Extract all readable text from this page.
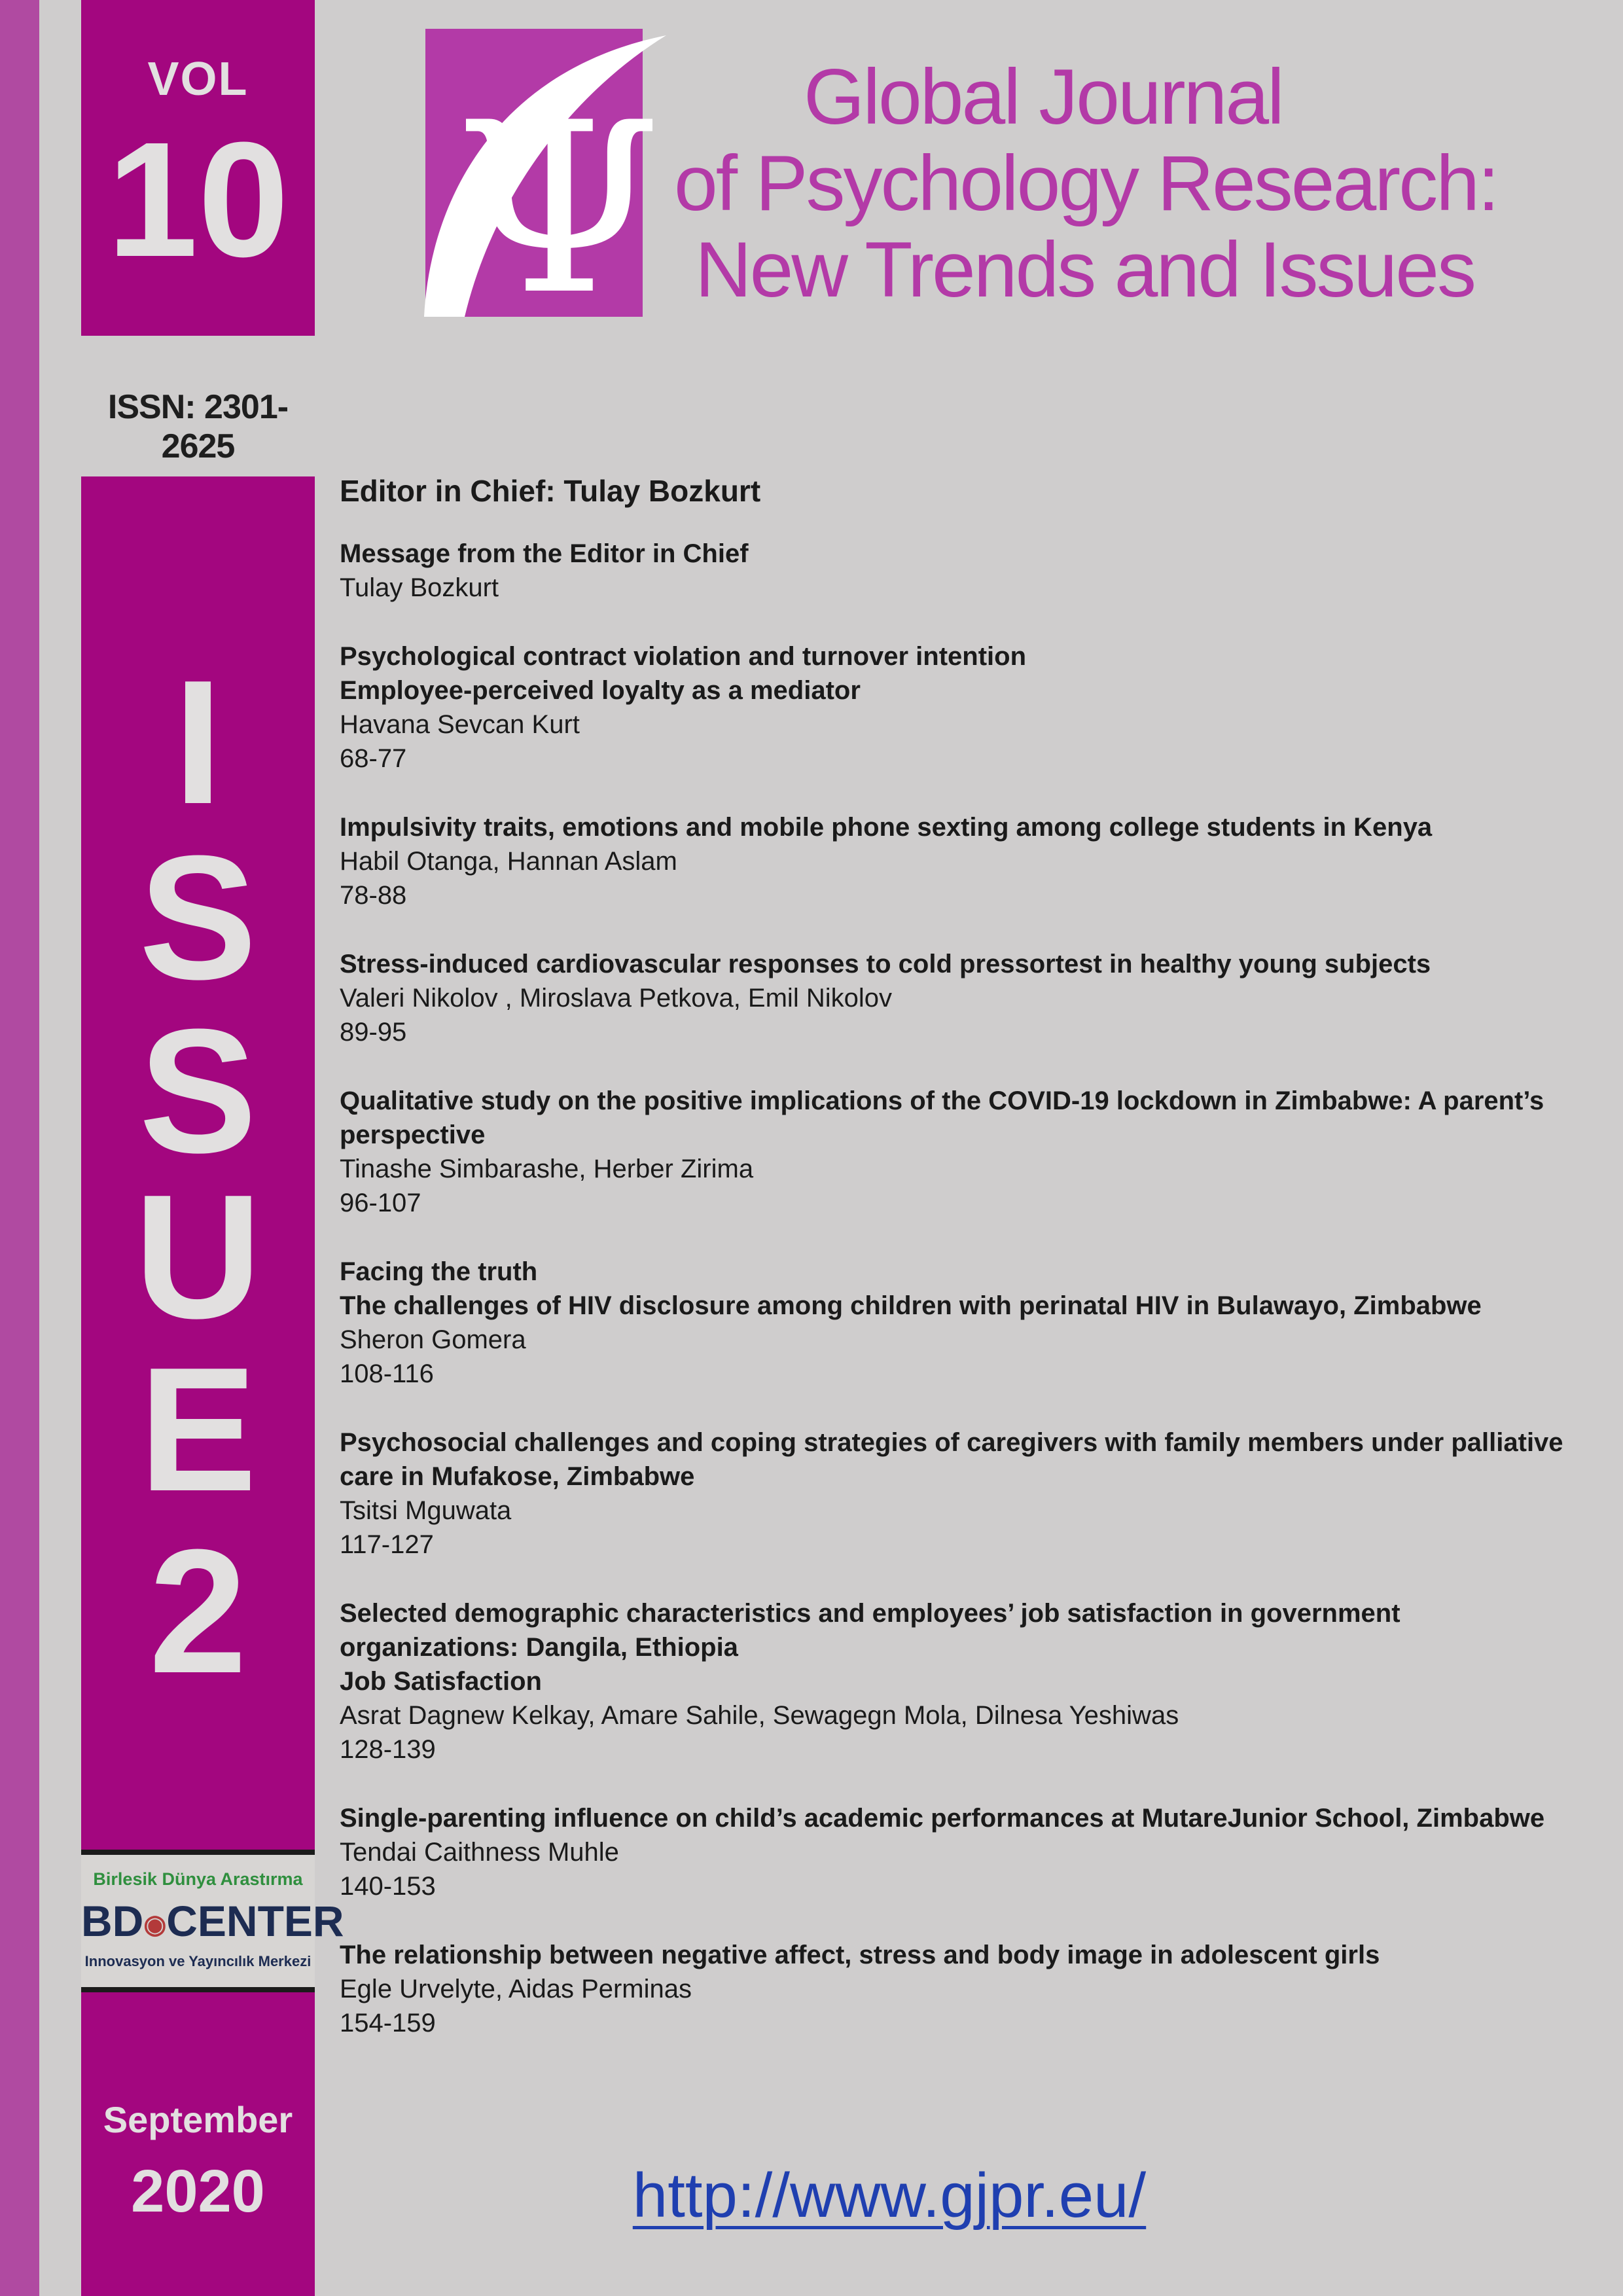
VOL
10
ISSN: 2301-2625
I
S
S
U
E
2
Birlesik Dünya Arastırma
BD◉CENTER
Innovasyon ve Yayıncılık Merkezi
September
2020
Ψ	Global Journal
of Psychology Research:
New Trends and Issues
Editor in Chief: Tulay Bozkurt
Message from the Editor in Chief
Tulay Bozkurt
Psychological contract violation and turnover intention
Employee-perceived loyalty as a mediator
Havana Sevcan Kurt
68-77
Impulsivity traits, emotions and mobile phone sexting among college students in Kenya
Habil Otanga, Hannan Aslam
78-88
Stress-induced cardiovascular responses to cold pressortest in healthy young subjects
Valeri Nikolov , Miroslava Petkova, Emil Nikolov
89-95
Qualitative study on the positive implications of the COVID-19 lockdown in Zimbabwe: A parent’s
perspective
Tinashe Simbarashe, Herber Zirima
96-107
Facing the truth
The challenges of HIV disclosure among children with perinatal HIV in Bulawayo, Zimbabwe
Sheron Gomera
108-116
Psychosocial challenges and coping strategies of caregivers with family members under palliative
care in Mufakose, Zimbabwe
Tsitsi Mguwata
117-127
Selected demographic characteristics and employees’ job satisfaction in government
organizations: Dangila, Ethiopia
Job Satisfaction
Asrat Dagnew Kelkay, Amare Sahile, Sewagegn Mola, Dilnesa Yeshiwas
128-139
Single-parenting influence on child’s academic performances at MutareJunior School, Zimbabwe
Tendai Caithness Muhle
140-153
The relationship between negative affect, stress and body image in adolescent girls
Egle Urvelyte, Aidas Perminas
154-159
http://www.gjpr.eu/
